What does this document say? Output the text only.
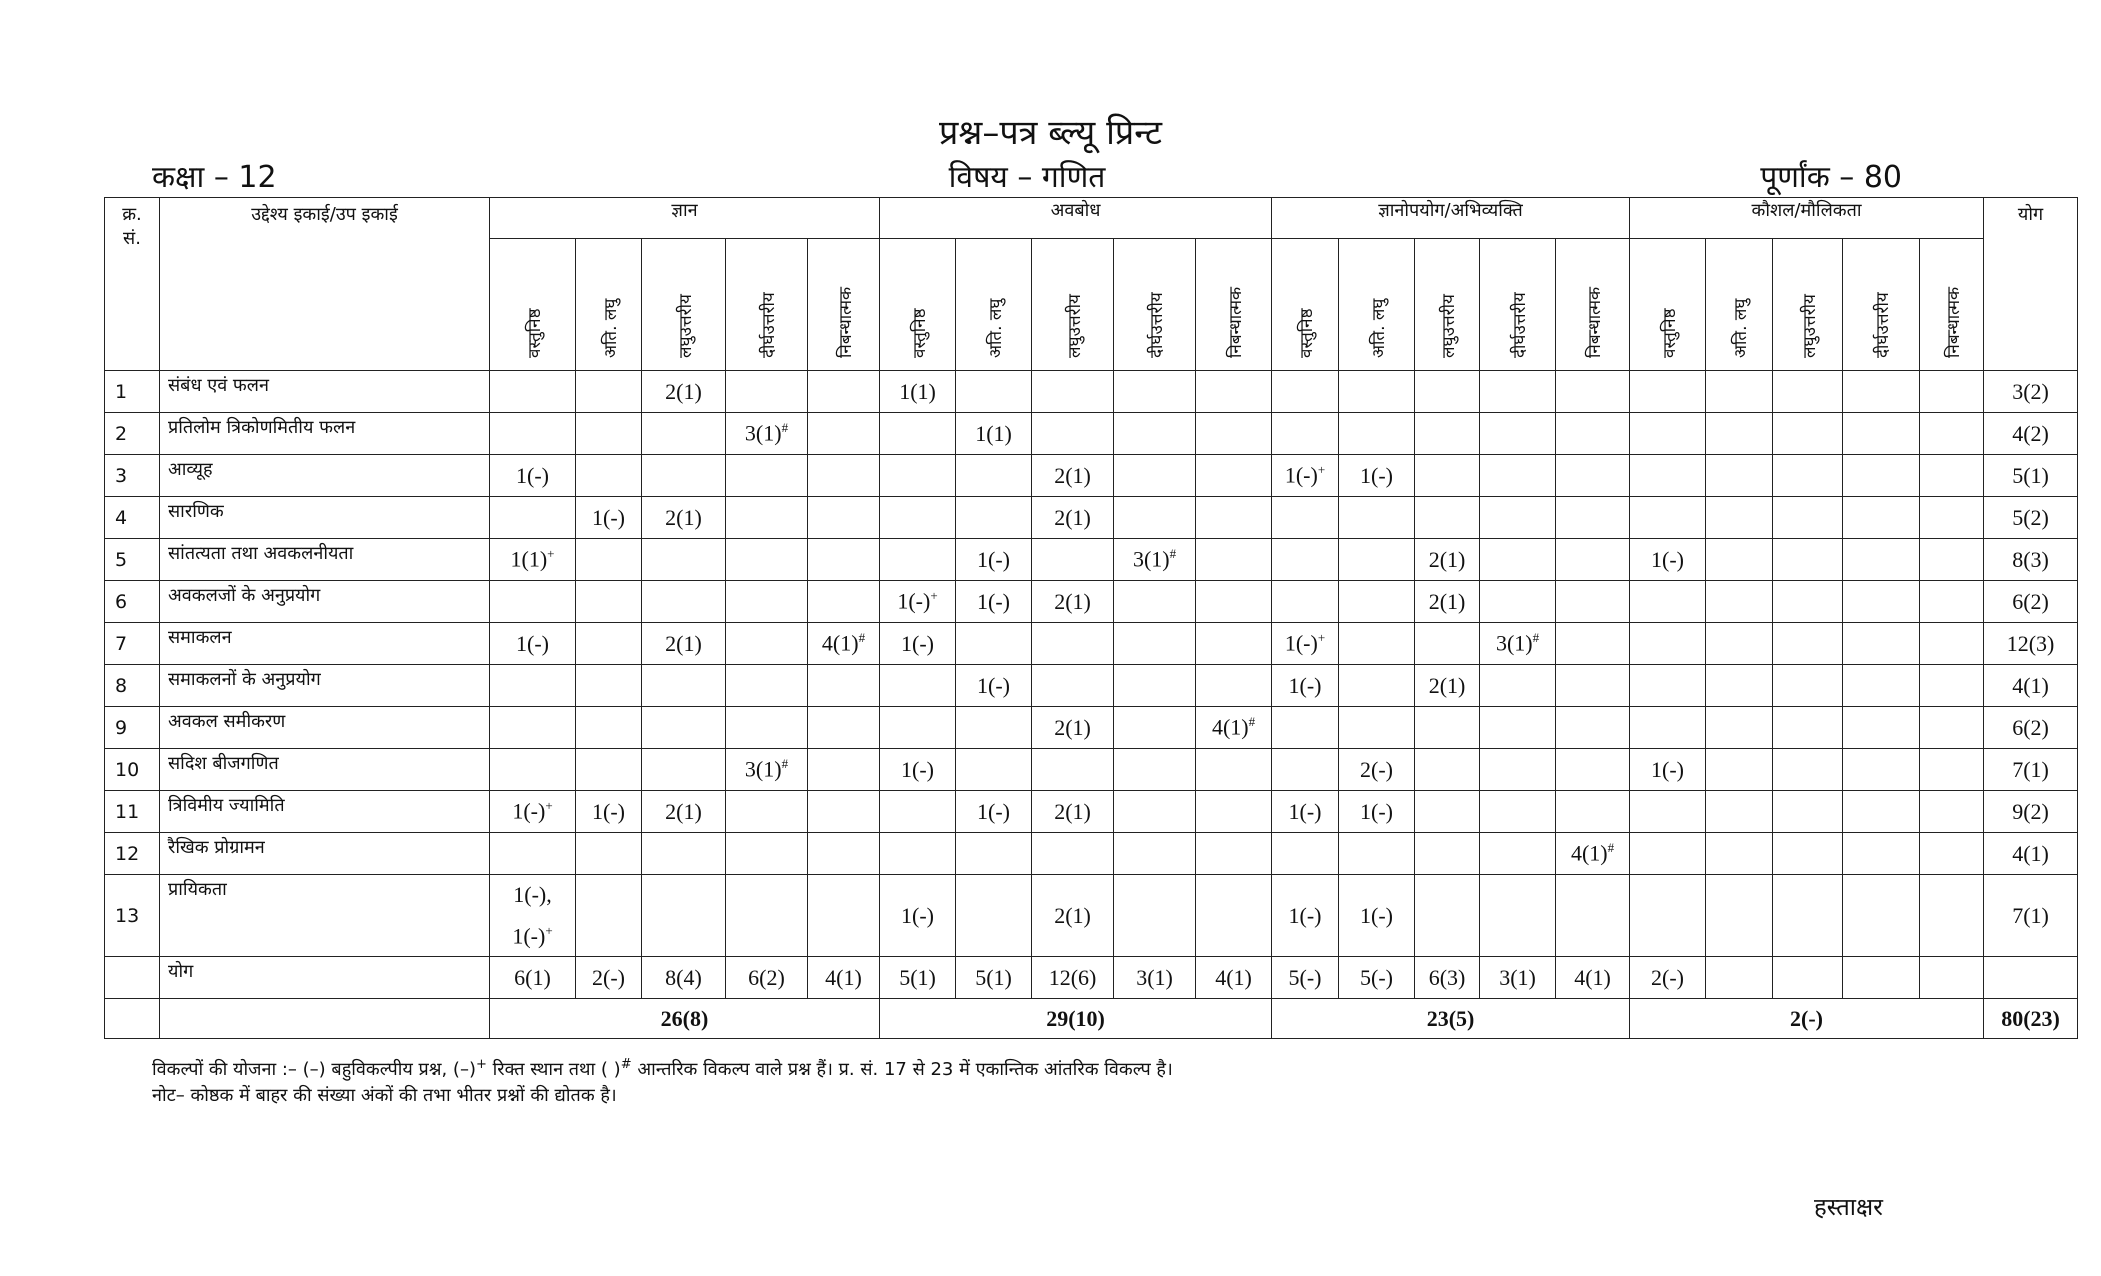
प्रश्न–पत्र ब्ल्यू प्रिन्ट
कक्षा – 12	विषय – गणित	पूर्णांक – 80
क्र. सं.	उद्देश्य इकाई/उप इकाई	ज्ञान					अवबोध					ज्ञानोपयोग/अभिव्यक्ति					कौशल/मौलिकता					योग

		वस्तुनिष्ठ	अति. लघु	लघुउत्तरीय	दीर्घउत्तरीय	निबन्धात्मक	वस्तुनिष्ठ	अति. लघु	लघुउत्तरीय	दीर्घउत्तरीय	निबन्धात्मक	वस्तुनिष्ठ	अति. लघु	लघुउत्तरीय	दीर्घउत्तरीय	निबन्धात्मक	वस्तुनिष्ठ	अति. लघु	लघुउत्तरीय	दीर्घउत्तरीय	निबन्धात्मक	

1	संबंध एवं फलन			2(1)			1(1)															3(2)
2	प्रतिलोम त्रिकोणमितीय फलन				3(1)#			1(1)														4(2)
3	आव्यूह	1(-)							2(1)			1(-)+	1(-)									5(1)
4	सारणिक		1(-)	2(1)					2(1)													5(2)
5	सांतत्यता तथा अवकलनीयता	1(1)+						1(-)		3(1)#				2(1)			1(-)					8(3)
6	अवकलजों के अनुप्रयोग						1(-)+	1(-)	2(1)					2(1)								6(2)
7	समाकलन	1(-)		2(1)		4(1)#	1(-)					1(-)+			3(1)#							12(3)
8	समाकलनों के अनुप्रयोग							1(-)				1(-)		2(1)								4(1)
9	अवकल समीकरण								2(1)		4(1)#											6(2)
10	सदिश बीजगणित				3(1)#		1(-)						2(-)				1(-)					7(1)
11	त्रिविमीय ज्यामिति	1(-)+	1(-)	2(1)				1(-)	2(1)			1(-)	1(-)									9(2)
12	रैखिक प्रोग्रामन															4(1)#						4(1)
13	प्रायिकता	1(-),
1(-)+					1(-)		2(1)			1(-)	1(-)									7(1)
	योग	6(1)	2(-)	8(4)	6(2)	4(1)	5(1)	5(1)	12(6)	3(1)	4(1)	5(-)	5(-)	6(3)	3(1)	4(1)	2(-)					
		26(8)					29(10)					23(5)					2(-)					80(23)
विकल्पों की योजना :– (–) बहुविकल्पीय प्रश्न, (–)+ रिक्त स्थान तथा ( )# आन्तरिक विकल्प वाले प्रश्न हैं। प्र. सं. 17 से 23 में एकान्तिक आंतरिक विकल्प है।
नोट– कोष्ठक में बाहर की संख्या अंकों की तभा भीतर प्रश्नों की द्योतक है।
हस्ताक्षर
